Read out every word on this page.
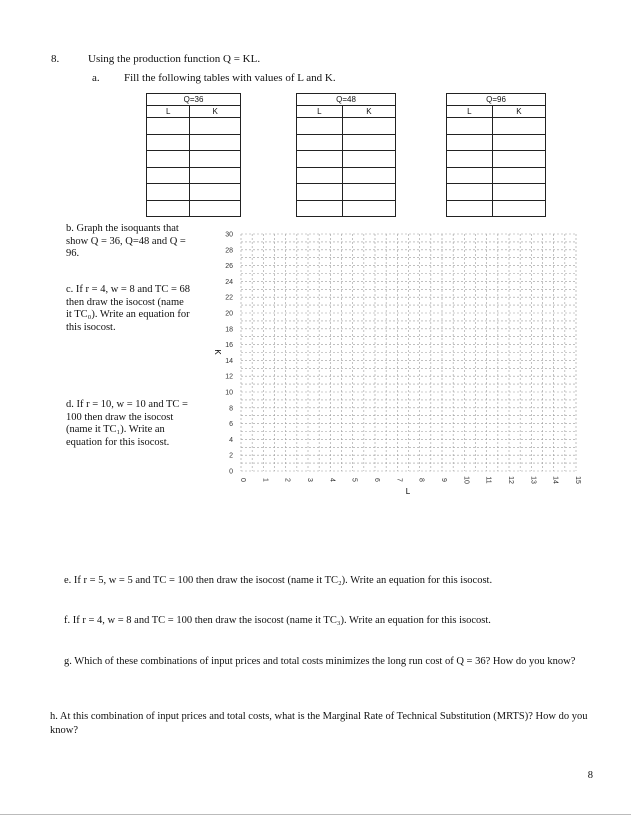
8.	Using the production function Q = KL.
a. Fill the following tables with values of L and K.
Q=36	
L	K

Q=48	
L	K

Q=96	
L	K

b. Graph the isoquants that show Q = 36, Q=48 and Q = 96.
c. If r = 4, w = 8 and TC = 68 then draw the isocost (name it TC₀). Write an equation for this isocost.
d. If r = 10, w = 10 and TC = 100 then draw the isocost (name it TC₁). Write an equation for this isocost.
0
2
4
6
8
10
12
14
16
18
20
22
24
26
28
30
0 1 2 3 4 5 6 7 8 9 10 11 12 13 14 15
K
L
e. If r = 5, w = 5 and TC = 100 then draw the isocost (name it TC₂). Write an equation for this isocost.
f. If r = 4, w = 8 and TC = 100 then draw the isocost (name it TC₃). Write an equation for this isocost.
g. Which of these combinations of input prices and total costs minimizes the long run cost of Q = 36? How do you know?
h. At this combination of input prices and total costs, what is the Marginal Rate of Technical Substitution (MRTS)? How do you know?
8
